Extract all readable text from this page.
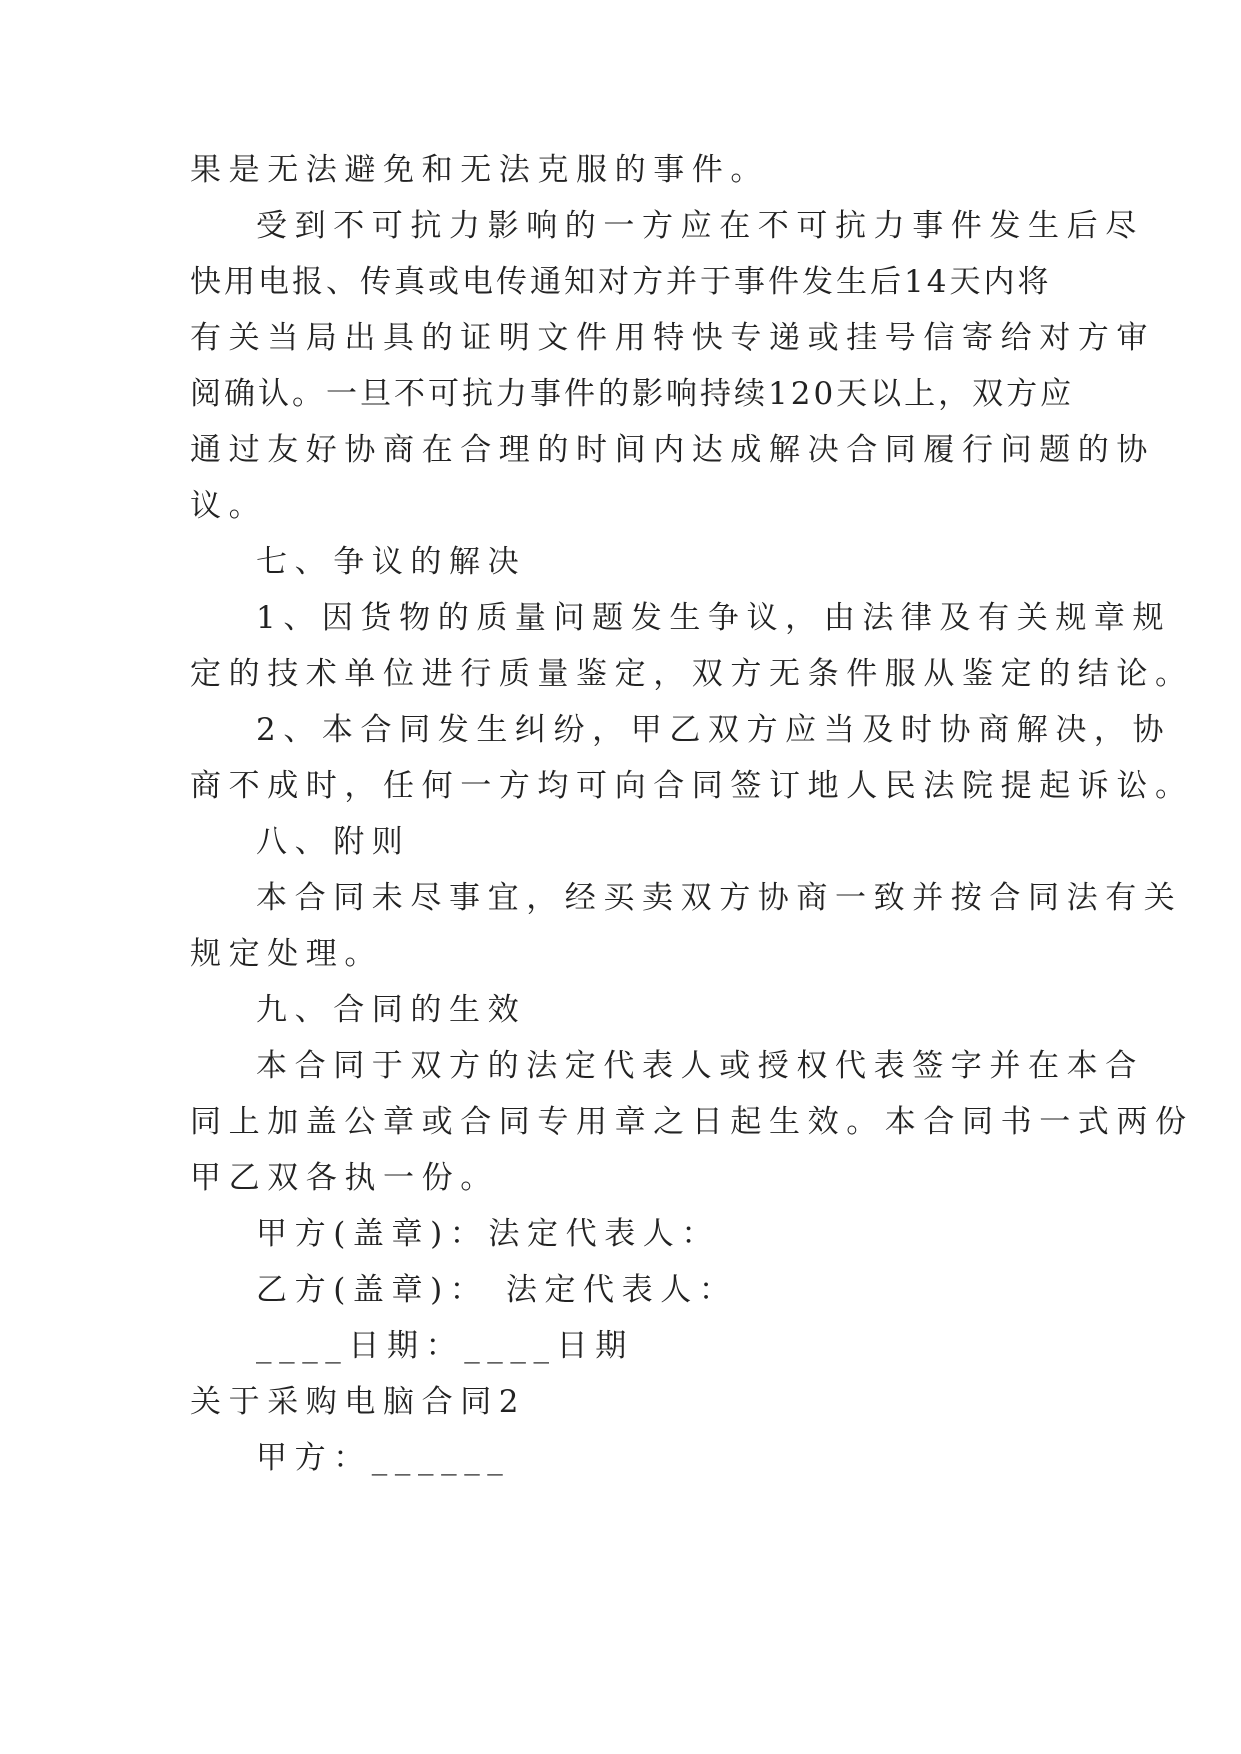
果是无法避免和无法克服的事件。
受到不可抗力影响的一方应在不可抗力事件发生后尽
快用电报、传真或电传通知对方并于事件发生后14天内将
有关当局出具的证明文件用特快专递或挂号信寄给对方审
阅确认。一旦不可抗力事件的影响持续120天以上，双方应
通过友好协商在合理的时间内达成解决合同履行问题的协
议。
七、争议的解决
1、因货物的质量问题发生争议，由法律及有关规章规
定的技术单位进行质量鉴定，双方无条件服从鉴定的结论。
2、本合同发生纠纷，甲乙双方应当及时协商解决，协
商不成时，任何一方均可向合同签订地人民法院提起诉讼。
八、附则
本合同未尽事宜，经买卖双方协商一致并按合同法有关
规定处理。
九、合同的生效
本合同于双方的法定代表人或授权代表签字并在本合
同上加盖公章或合同专用章之日起生效。本合同书一式两份
甲乙双各执一份。
甲方(盖章)：法定代表人：
乙方(盖章)： 法定代表人：
____日期：____日期
关于采购电脑合同2
甲方：______
